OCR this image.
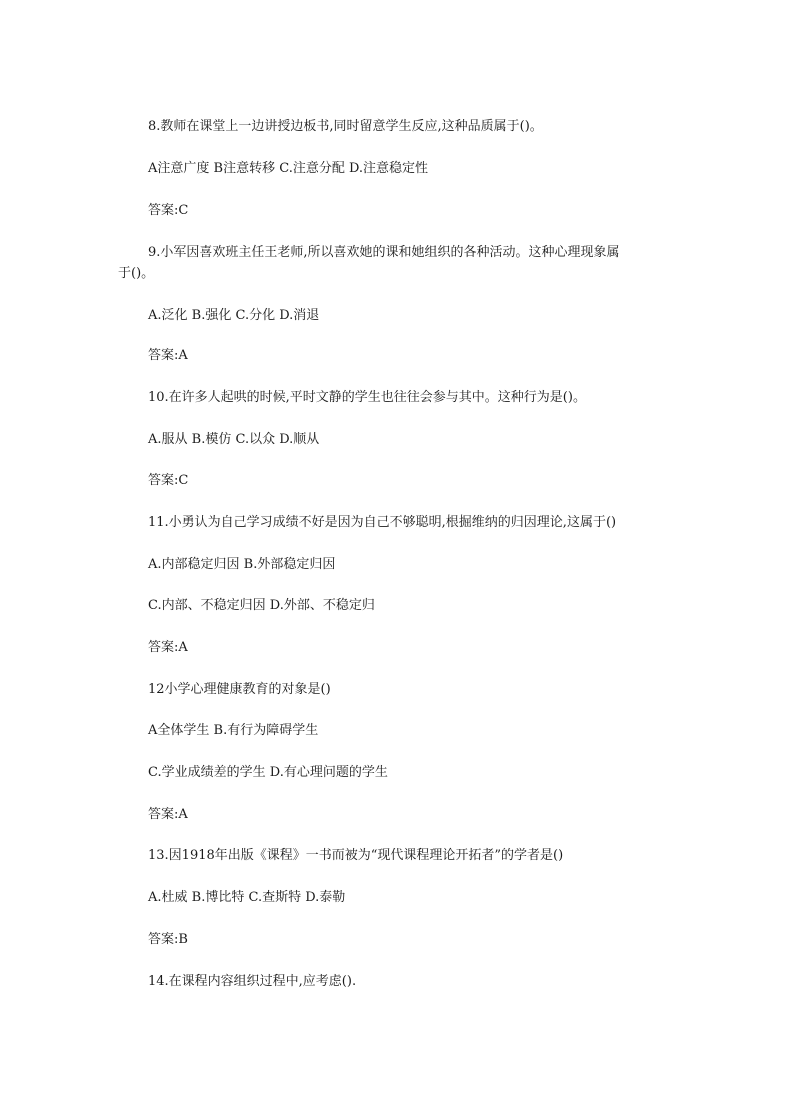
8.教师在课堂上一边讲授边板书,同时留意学生反应,这种品质属于()。
A注意广度 B注意转移 C.注意分配 D.注意稳定性
答案:C
9.小军因喜欢班主任王老师,所以喜欢她的课和她组织的各种活动。这种心理现象属
于()。
A.泛化 B.强化 C.分化 D.消退
答案:A
10.在许多人起哄的时候,平时文静的学生也往往会参与其中。这种行为是()。
A.服从 B.模仿 C.以众 D.顺从
答案:C
11.小勇认为自己学习成绩不好是因为自己不够聪明,根掘维纳的归因理论,这属于()
A.内部稳定归因 B.外部稳定归因
C.内部、不稳定归因 D.外部、不稳定归
答案:A
12小学心理健康教育的对象是()
A全体学生 B.有行为障碍学生
C.学业成绩差的学生 D.有心理问题的学生
答案:A
13.因1918年出版《课程》一书而被为“现代课程理论开拓者”的学者是()
A.杜威 B.博比特 C.查斯特 D.泰勒
答案:B
14.在课程内容组织过程中,应考虑().
